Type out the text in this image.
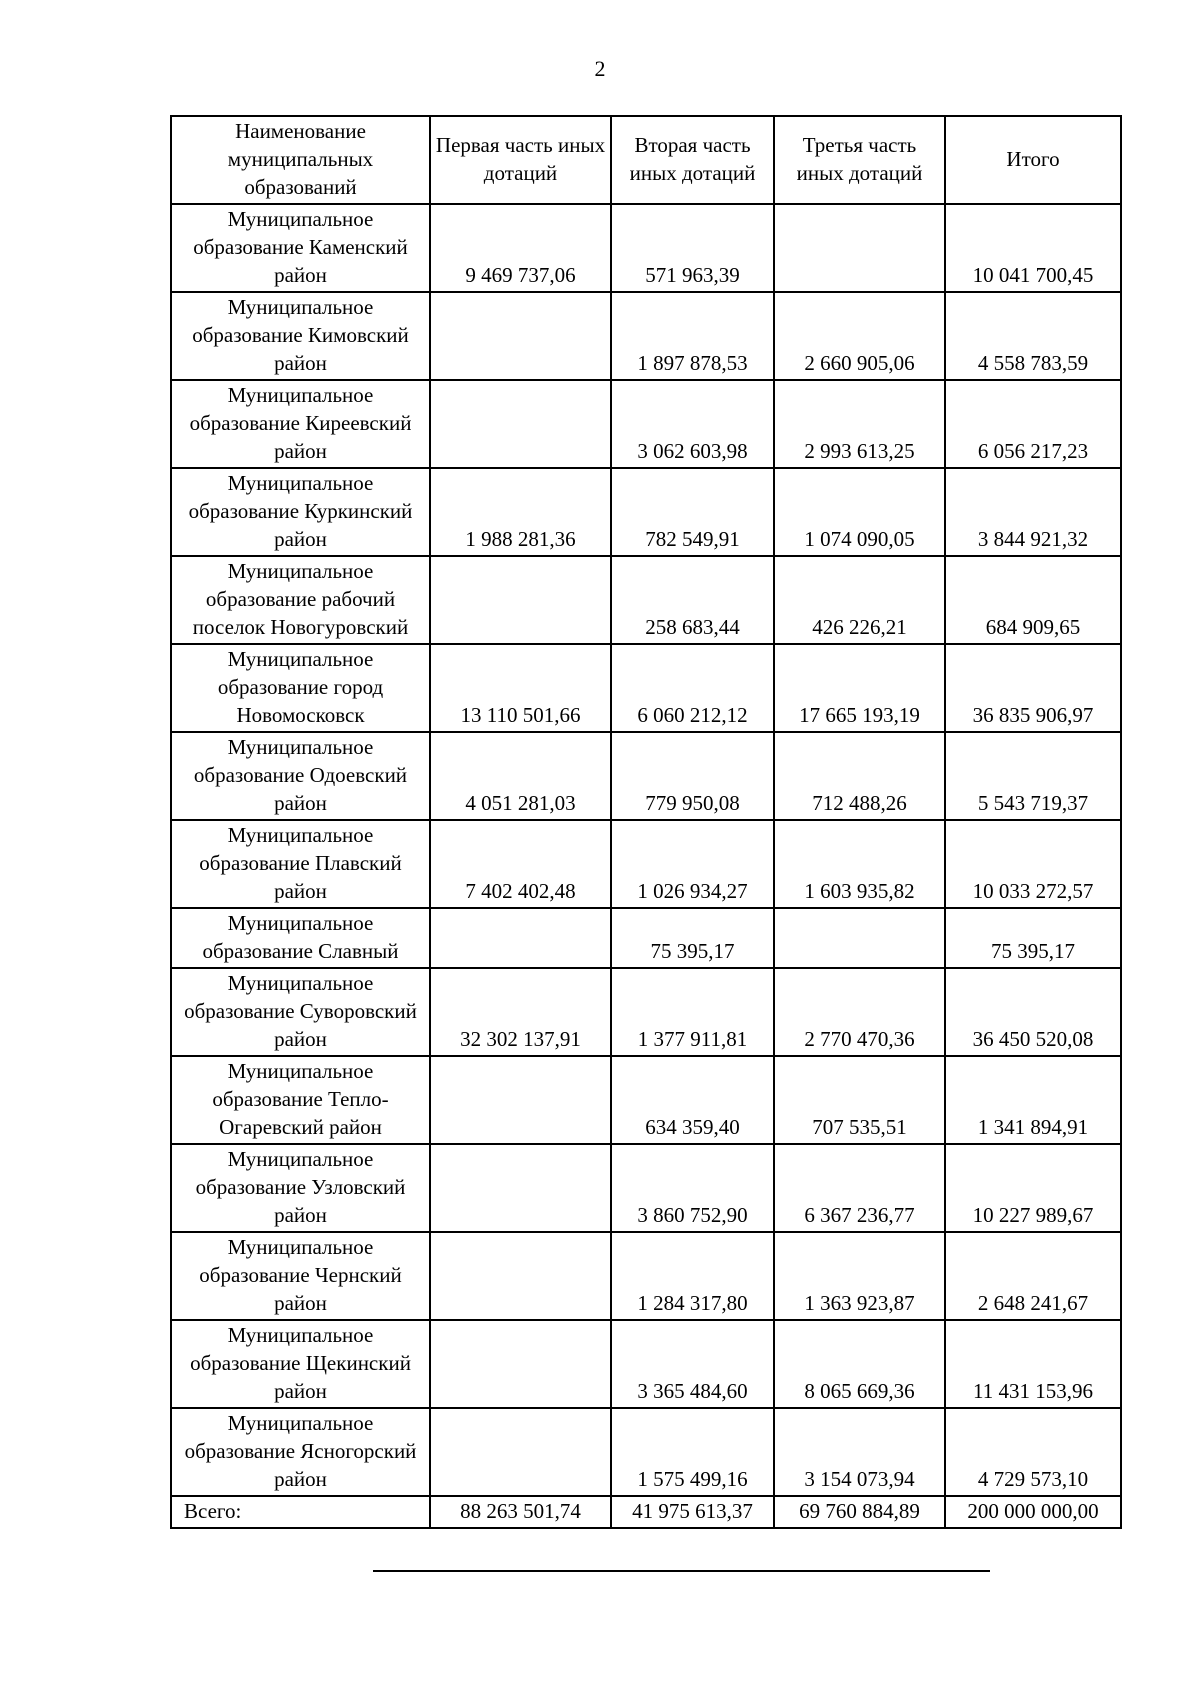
2
Наименование муниципальных образований	Первая часть иных дотаций	Вторая часть иных дотаций	Третья часть иных дотаций	Итого
Муниципальное образование Каменский район	9 469 737,06	571 963,39		10 041 700,45
Муниципальное образование Кимовский район		1 897 878,53	2 660 905,06	4 558 783,59
Муниципальное образование Киреевский район		3 062 603,98	2 993 613,25	6 056 217,23
Муниципальное образование Куркинский район	1 988 281,36	782 549,91	1 074 090,05	3 844 921,32
Муниципальное образование рабочий поселок Новогуровский		258 683,44	426 226,21	684 909,65
Муниципальное образование город Новомосковск	13 110 501,66	6 060 212,12	17 665 193,19	36 835 906,97
Муниципальное образование Одоевский район	4 051 281,03	779 950,08	712 488,26	5 543 719,37
Муниципальное образование Плавский район	7 402 402,48	1 026 934,27	1 603 935,82	10 033 272,57
Муниципальное образование Славный		75 395,17		75 395,17
Муниципальное образование Суворовский район	32 302 137,91	1 377 911,81	2 770 470,36	36 450 520,08
Муниципальное образование Тепло-Огаревский район		634 359,40	707 535,51	1 341 894,91
Муниципальное образование Узловский район		3 860 752,90	6 367 236,77	10 227 989,67
Муниципальное образование Чернский район		1 284 317,80	1 363 923,87	2 648 241,67
Муниципальное образование Щекинский район		3 365 484,60	8 065 669,36	11 431 153,96
Муниципальное образование Ясногорский район		1 575 499,16	3 154 073,94	4 729 573,10
Всего:	88 263 501,74	41 975 613,37	69 760 884,89	200 000 000,00
